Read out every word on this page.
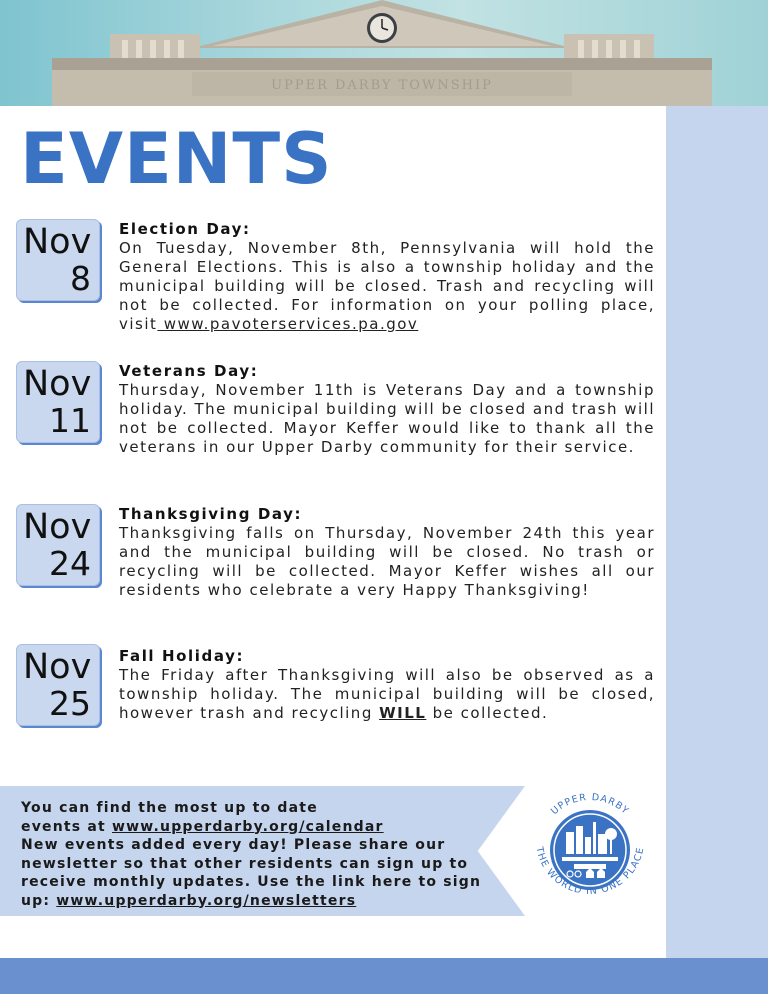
UPPER DARBY TOWNSHIP
EVENTS
Nov
8
Election Day:

On Tuesday, November 8th, Pennsylvania will hold the General Elections. This is also a township holiday and the municipal building will be closed. Trash and recycling will not be collected. For information on your polling place, visit www.pavoterservices.pa.gov

Nov
11
Veterans Day:

Thursday, November 11th is Veterans Day and a township holiday. The municipal building will be closed and trash will not be collected. Mayor Keffer would like to thank all the veterans in our Upper Darby community for their service.

Nov
24
Thanksgiving Day:

Thanksgiving falls on Thursday, November 24th this year and the municipal building will be closed. No trash or recycling will be collected. Mayor Keffer wishes all our residents who celebrate a very Happy Thanksgiving!

Nov
25
Fall Holiday:

The Friday after Thanksgiving will also be observed as a township holiday. The municipal building will be closed, however trash and recycling WILL be collected.

You can find the most up to date
events at www.upperdarby.org/calendar
New events added every day! Please share our newsletter so that other residents can sign up to receive monthly updates. Use the link here to sign up: www.upperdarby.org/newsletters
UPPER DARBY
THE WORLD IN ONE PLACE
